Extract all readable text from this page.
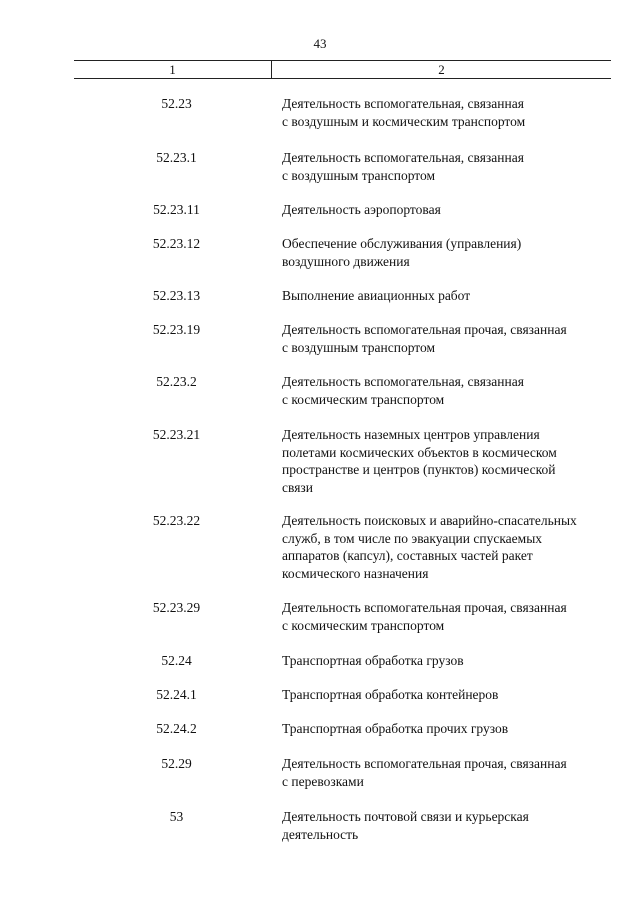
43
1	2
52.23	Деятельность вспомогательная, связанная
с воздушным и космическим транспортом
52.23.1	Деятельность вспомогательная, связанная
с воздушным транспортом
52.23.11	Деятельность аэропортовая
52.23.12	Обеспечение обслуживания (управления)
воздушного движения
52.23.13	Выполнение авиационных работ
52.23.19	Деятельность вспомогательная прочая, связанная
с воздушным транспортом
52.23.2	Деятельность вспомогательная, связанная
с космическим транспортом
52.23.21	Деятельность наземных центров управления
полетами космических объектов в космическом
пространстве и центров (пунктов) космической
связи
52.23.22	Деятельность поисковых и аварийно-спасательных
служб, в том числе по эвакуации спускаемых
аппаратов (капсул), составных частей ракет
космического назначения
52.23.29	Деятельность вспомогательная прочая, связанная
с космическим транспортом
52.24	Транспортная обработка грузов
52.24.1	Транспортная обработка контейнеров
52.24.2	Транспортная обработка прочих грузов
52.29	Деятельность вспомогательная прочая, связанная
с перевозками
53	Деятельность почтовой связи и курьерская
деятельность
